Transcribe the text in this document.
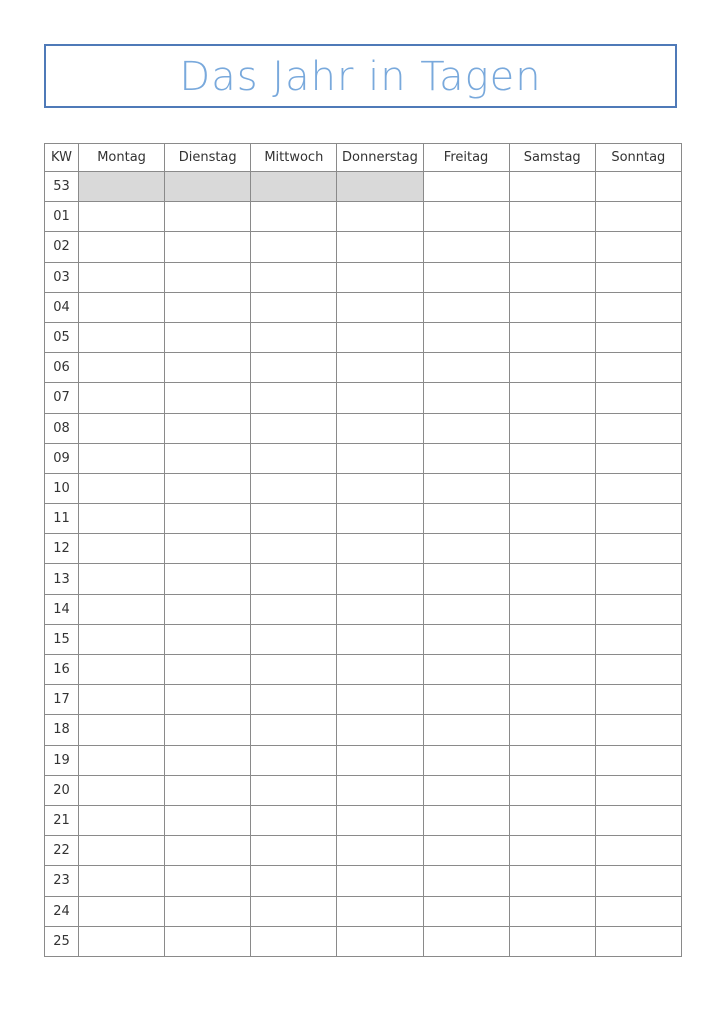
Das Jahr in Tagen
KW	Montag	Dienstag	Mittwoch	Donnerstag	Freitag	Samstag	Sonntag
53							
01							
02							
03							
04							
05							
06							
07							
08							
09							
10							
11							
12							
13							
14							
15							
16							
17							
18							
19							
20							
21							
22							
23							
24							
25							
